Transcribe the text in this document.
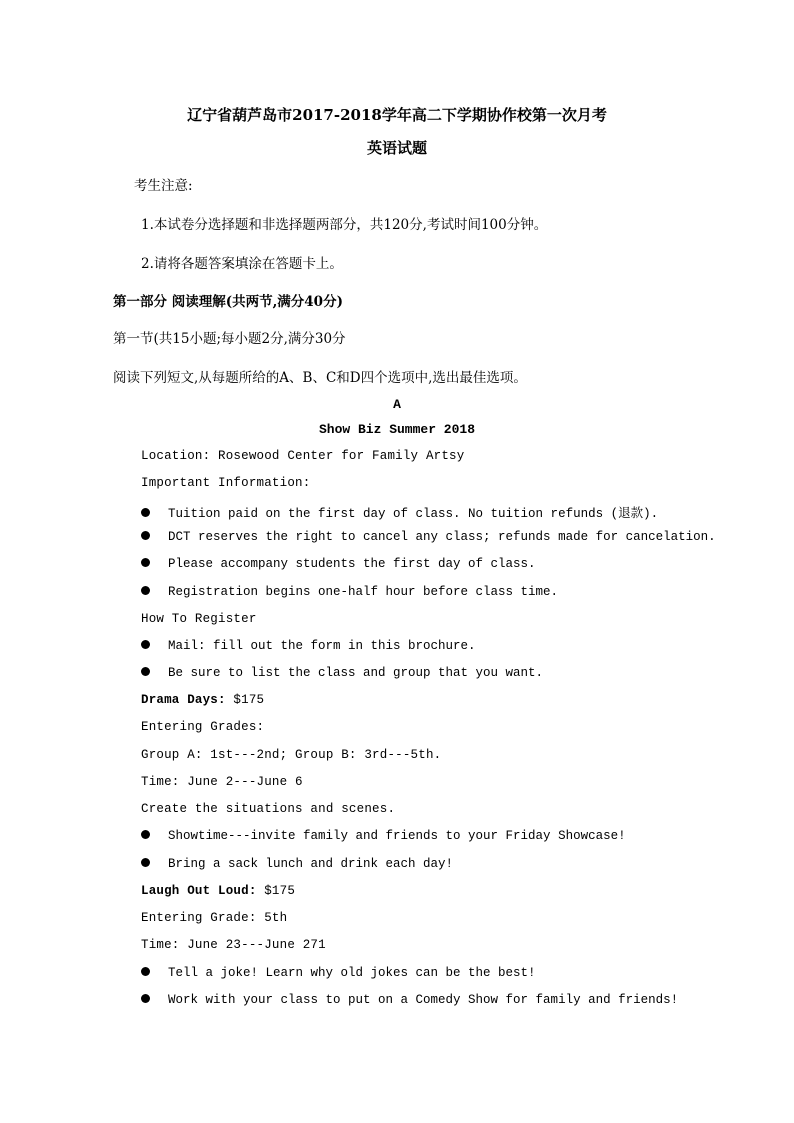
辽宁省葫芦岛市2017-2018学年高二下学期协作校第一次月考
英语试题
考生注意:
1.本试卷分选择题和非选择题两部分，共120分,考试时间100分钟。
2.请将各题答案填涂在答题卡上。
第一部分 阅读理解(共两节,满分40分)
第一节(共15小题;每小题2分,满分30分
阅读下列短文,从每题所给的A、B、C和D四个选项中,选出最佳选项。
A
Show Biz Summer 2018
Location: Rosewood Center for Family Artsy
Important Information:
Tuition paid on the first day of class. No tuition refunds (退款).
DCT reserves the right to cancel any class; refunds made for cancelation.
Please accompany students the first day of class.
Registration begins one-half hour before class time.
How To Register
Mail: fill out the form in this brochure.
Be sure to list the class and group that you want.
Drama Days: $175
Entering Grades:
Group A: 1st---2nd; Group B: 3rd---5th.
Time: June 2---June 6
Create the situations and scenes.
Showtime---invite family and friends to your Friday Showcase!
Bring a sack lunch and drink each day!
Laugh Out Loud: $175
Entering Grade: 5th
Time: June 23---June 271
Tell a joke! Learn why old jokes can be the best!
Work with your class to put on a Comedy Show for family and friends!
